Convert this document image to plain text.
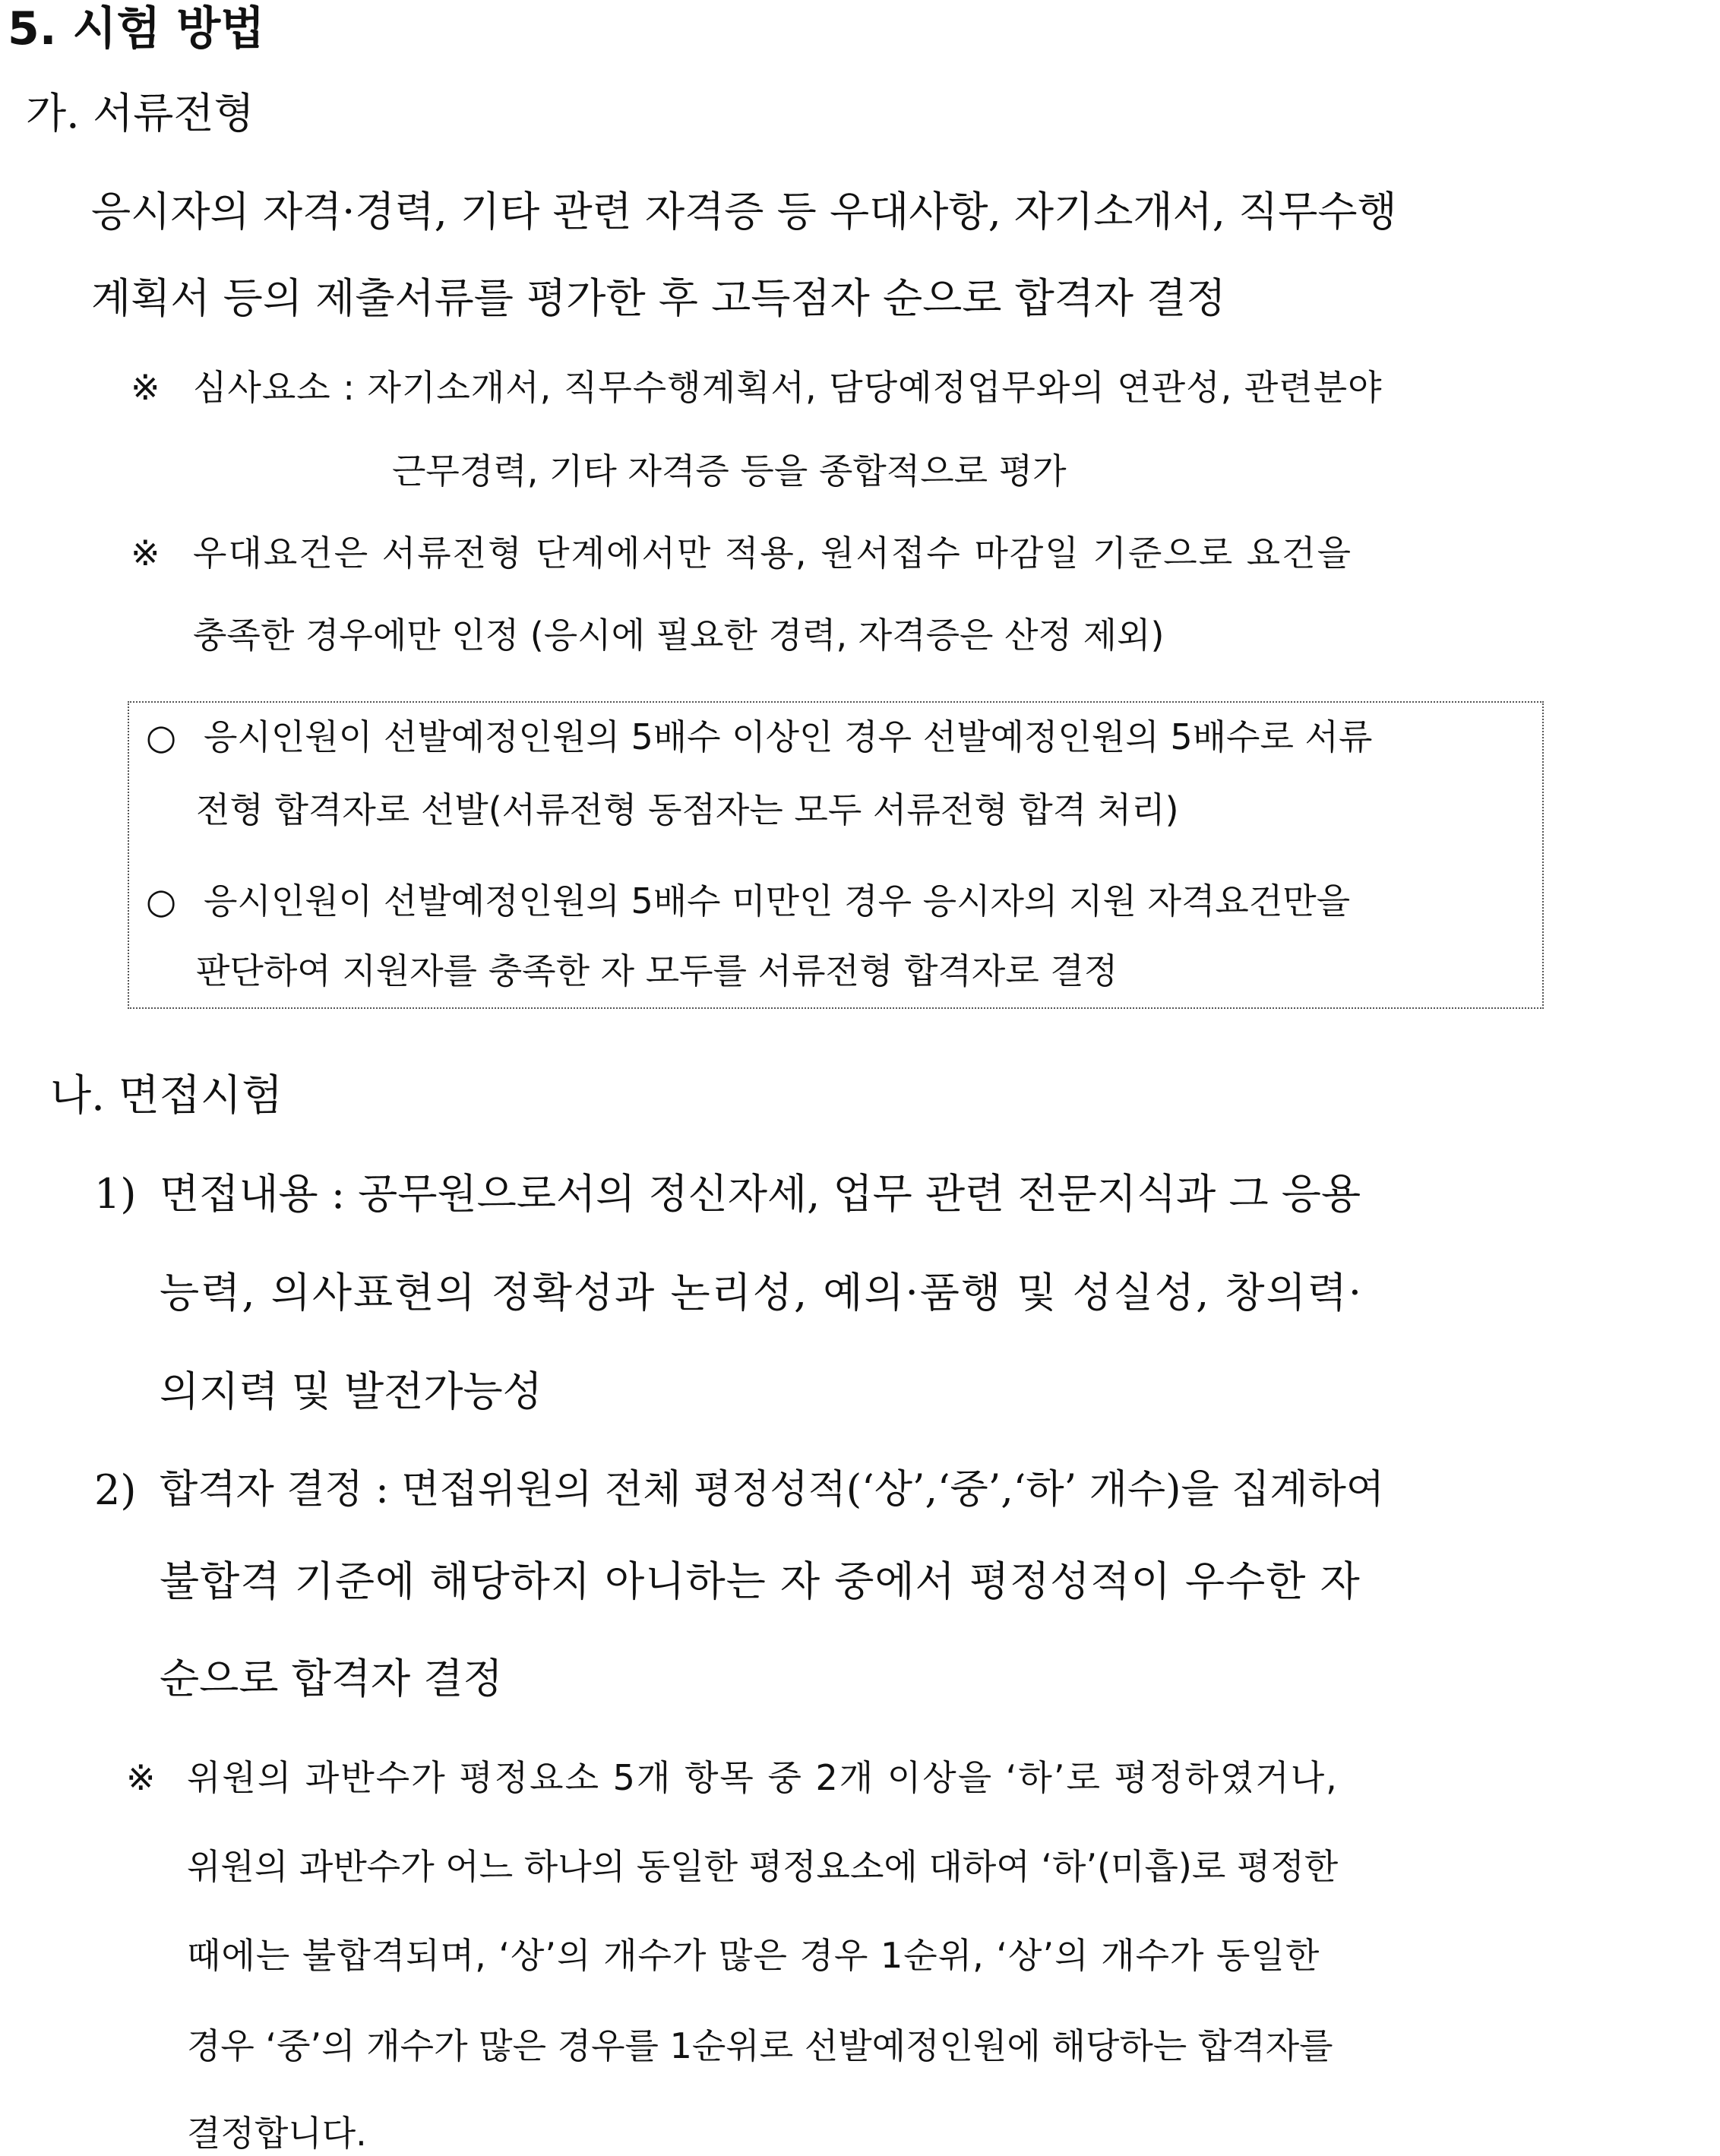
5. 시험 방법
가. 서류전형
응시자의 자격·경력, 기타 관련 자격증 등 우대사항, 자기소개서, 직무수행
계획서 등의 제출서류를 평가한 후 고득점자 순으로 합격자 결정
※ 심사요소 : 자기소개서, 직무수행계획서, 담당예정업무와의 연관성, 관련분야
근무경력, 기타 자격증 등을 종합적으로 평가
※ 우대요건은 서류전형 단계에서만 적용, 원서접수 마감일 기준으로 요건을
충족한 경우에만 인정 (응시에 필요한 경력, 자격증은 산정 제외)
○ 응시인원이 선발예정인원의 5배수 이상인 경우 선발예정인원의 5배수로 서류
전형 합격자로 선발(서류전형 동점자는 모두 서류전형 합격 처리)
○ 응시인원이 선발예정인원의 5배수 미만인 경우 응시자의 지원 자격요건만을
판단하여 지원자를 충족한 자 모두를 서류전형 합격자로 결정
나. 면접시험
1) 면접내용 : 공무원으로서의 정신자세, 업무 관련 전문지식과 그 응용
능력, 의사표현의 정확성과 논리성, 예의·품행 및 성실성, 창의력·
의지력 및 발전가능성
2) 합격자 결정 : 면접위원의 전체 평정성적(‘상’,‘중’,‘하’ 개수)을 집계하여
불합격 기준에 해당하지 아니하는 자 중에서 평정성적이 우수한 자
순으로 합격자 결정
※ 위원의 과반수가 평정요소 5개 항목 중 2개 이상을 ‘하’로 평정하였거나,
위원의 과반수가 어느 하나의 동일한 평정요소에 대하여 ‘하’(미흡)로 평정한
때에는 불합격되며, ‘상’의 개수가 많은 경우 1순위, ‘상’의 개수가 동일한
경우 ‘중’의 개수가 많은 경우를 1순위로 선발예정인원에 해당하는 합격자를
결정합니다.
